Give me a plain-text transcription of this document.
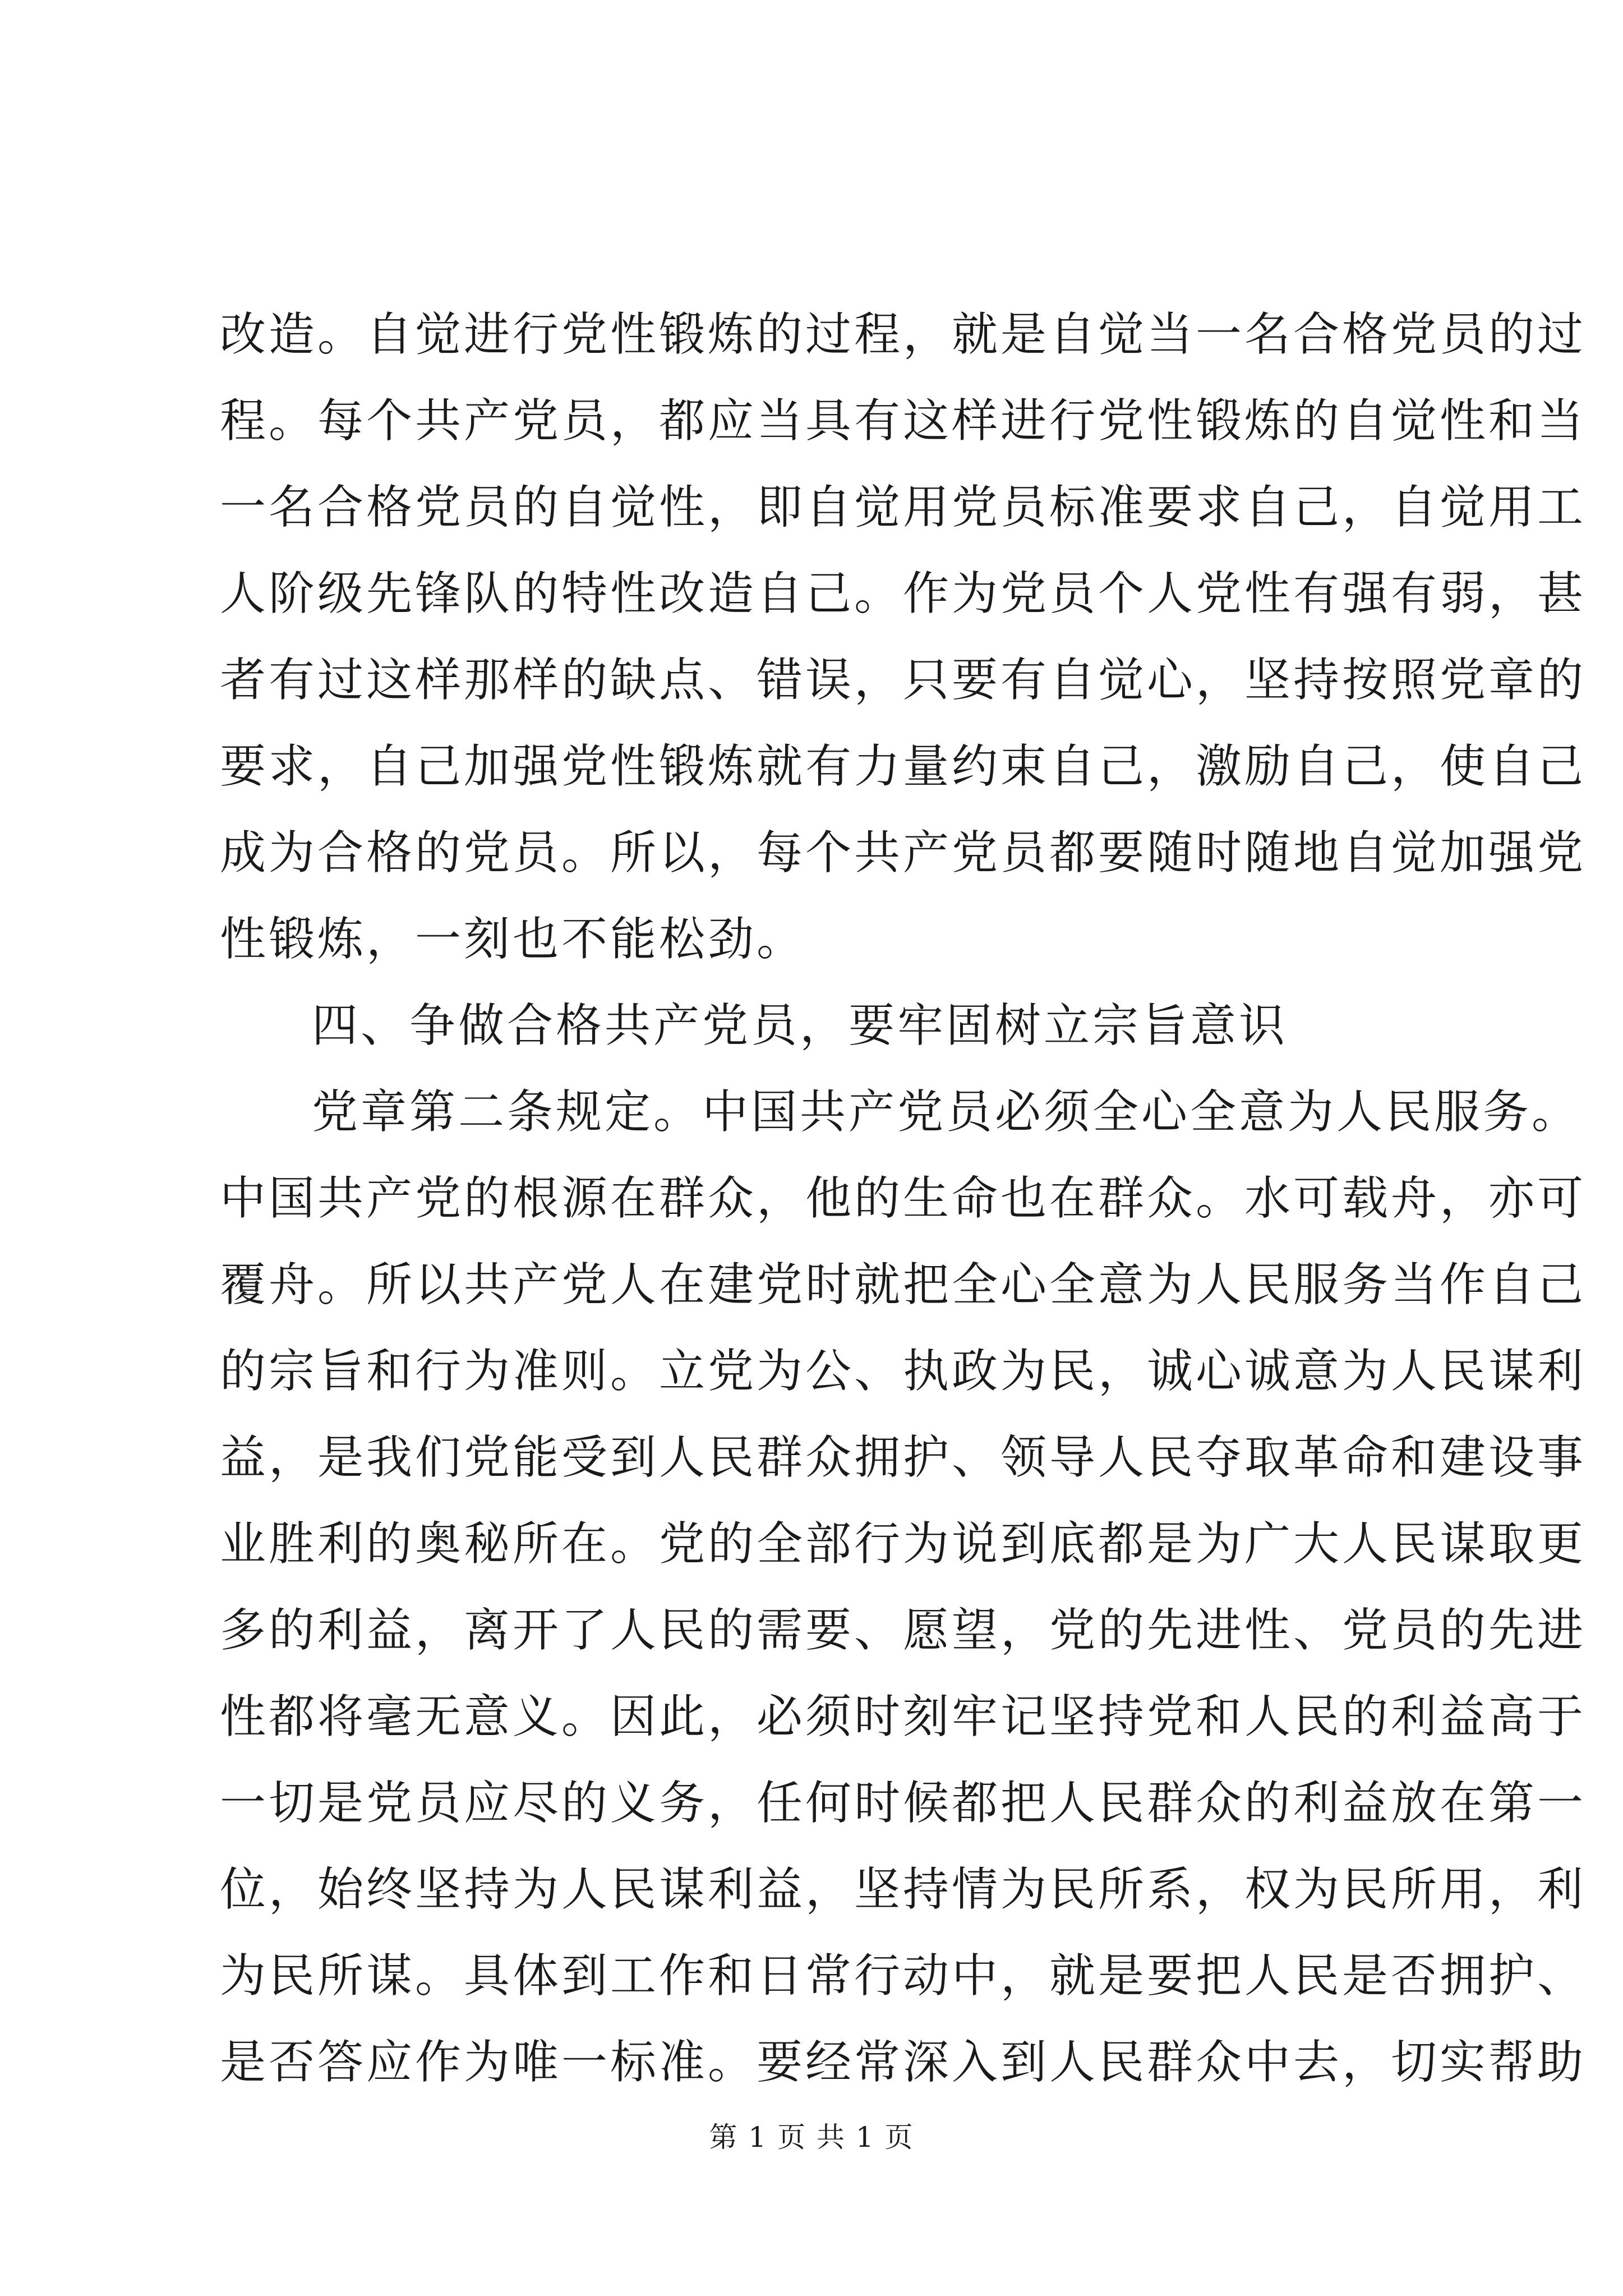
改造。自觉进行党性锻炼的过程，就是自觉当一名合格党员的过
程。每个共产党员，都应当具有这样进行党性锻炼的自觉性和当
一名合格党员的自觉性，即自觉用党员标准要求自己，自觉用工
人阶级先锋队的特性改造自己。作为党员个人党性有强有弱，甚
者有过这样那样的缺点、错误，只要有自觉心，坚持按照党章的
要求，自己加强党性锻炼就有力量约束自己，激励自己，使自己
成为合格的党员。所以，每个共产党员都要随时随地自觉加强党
性锻炼，一刻也不能松劲。
四、争做合格共产党员，要牢固树立宗旨意识
党章第二条规定。中国共产党员必须全心全意为人民服务。
中国共产党的根源在群众，他的生命也在群众。水可载舟，亦可
覆舟。所以共产党人在建党时就把全心全意为人民服务当作自己
的宗旨和行为准则。立党为公、执政为民，诚心诚意为人民谋利
益，是我们党能受到人民群众拥护、领导人民夺取革命和建设事
业胜利的奥秘所在。党的全部行为说到底都是为广大人民谋取更
多的利益，离开了人民的需要、愿望，党的先进性、党员的先进
性都将毫无意义。因此，必须时刻牢记坚持党和人民的利益高于
一切是党员应尽的义务，任何时候都把人民群众的利益放在第一
位，始终坚持为人民谋利益，坚持情为民所系，权为民所用，利
为民所谋。具体到工作和日常行动中，就是要把人民是否拥护、
是否答应作为唯一标准。要经常深入到人民群众中去，切实帮助
第 1 页 共 1 页
